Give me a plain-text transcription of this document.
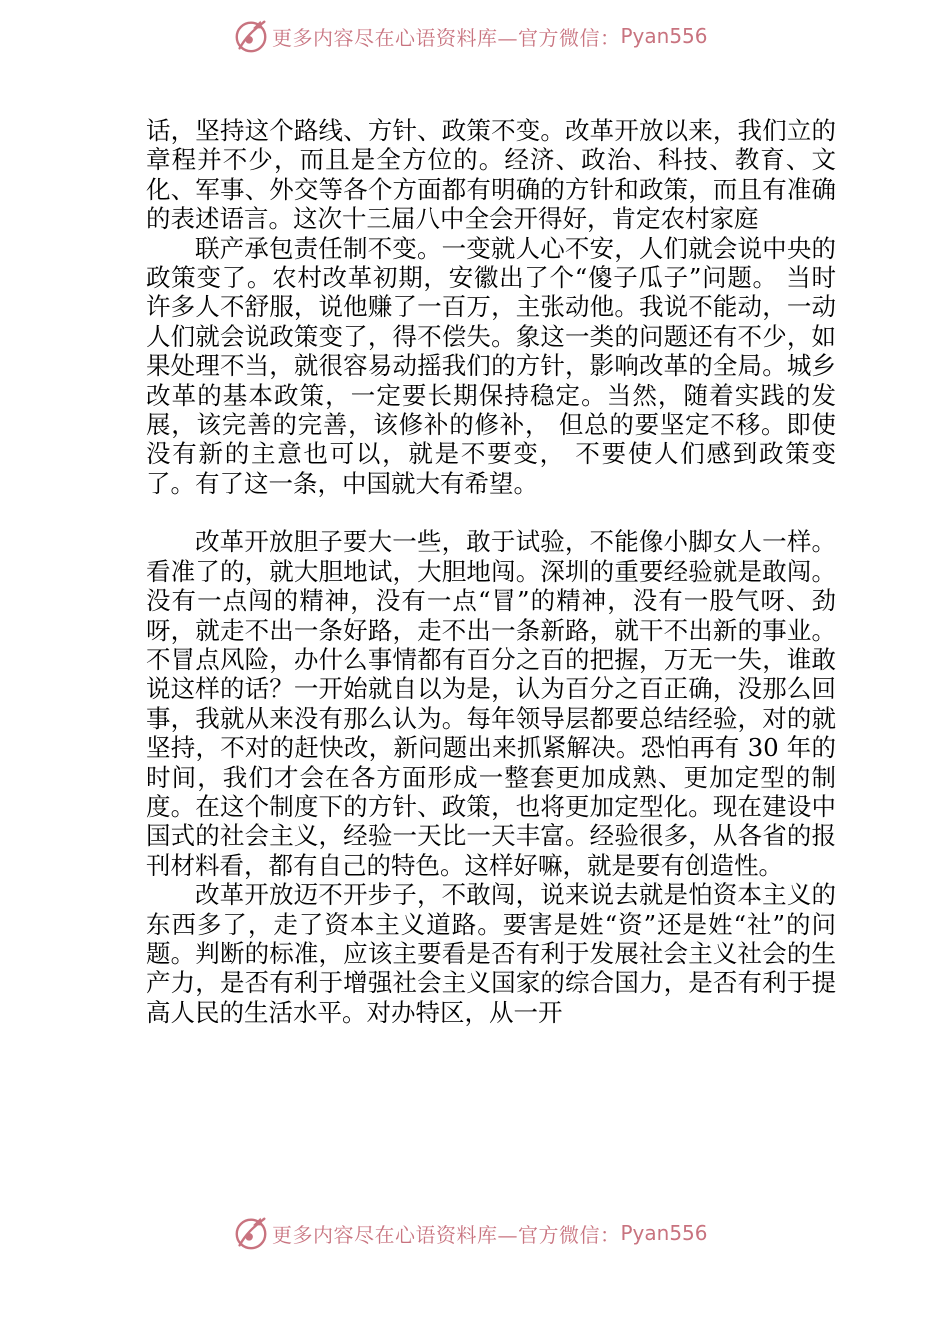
更多内容尽在心语资料库—官方微信： Pyan556

话，坚持这个路线、方针、政策不变。改革开放以来，我们立的章程并不少，而且是全方位的。经济、政治、科技、教育、文化、军事、外交等各个方面都有明确的方针和政策，而且有准确的表述语言。这次十三届八中全会开得好，肯定农村家庭

联产承包责任制不变。一变就人心不安，人们就会说中央的政策变了。农村改革初期，安徽出了个“傻子瓜子”问题。 当时许多人不舒服，说他赚了一百万，主张动他。我说不能动，一动人们就会说政策变了，得不偿失。象这一类的问题还有不少，如果处理不当，就很容易动摇我们的方针，影响改革的全局。城乡改革的基本政策，一定要长期保持稳定。当然，随着实践的发展，该完善的完善，该修补的修补， 但总的要坚定不移。即使没有新的主意也可以，就是不要变， 不要使人们感到政策变了。有了这一条，中国就大有希望。

改革开放胆子要大一些，敢于试验，不能像小脚女人一样。看准了的，就大胆地试，大胆地闯。深圳的重要经验就是敢闯。没有一点闯的精神，没有一点“冒”的精神，没有一股气呀、劲呀，就走不出一条好路，走不出一条新路，就干不出新的事业。不冒点风险，办什么事情都有百分之百的把握，万无一失，谁敢说这样的话？一开始就自以为是，认为百分之百正确，没那么回事，我就从来没有那么认为。每年领导层都要总结经验，对的就坚持，不对的赶快改，新问题出来抓紧解决。恐怕再有 30 年的时间，我们才会在各方面形成一整套更加成熟、更加定型的制度。在这个制度下的方针、政策，也将更加定型化。现在建设中国式的社会主义，经验一天比一天丰富。经验很多，从各省的报刊材料看，都有自己的特色。这样好嘛，就是要有创造性。

改革开放迈不开步子，不敢闯，说来说去就是怕资本主义的东西多了，走了资本主义道路。要害是姓“资”还是姓“社”的问题。判断的标准，应该主要看是否有利于发展社会主义社会的生产力，是否有利于增强社会主义国家的综合国力，是否有利于提高人民的生活水平。对办特区，从一开

更多内容尽在心语资料库—官方微信： Pyan556
